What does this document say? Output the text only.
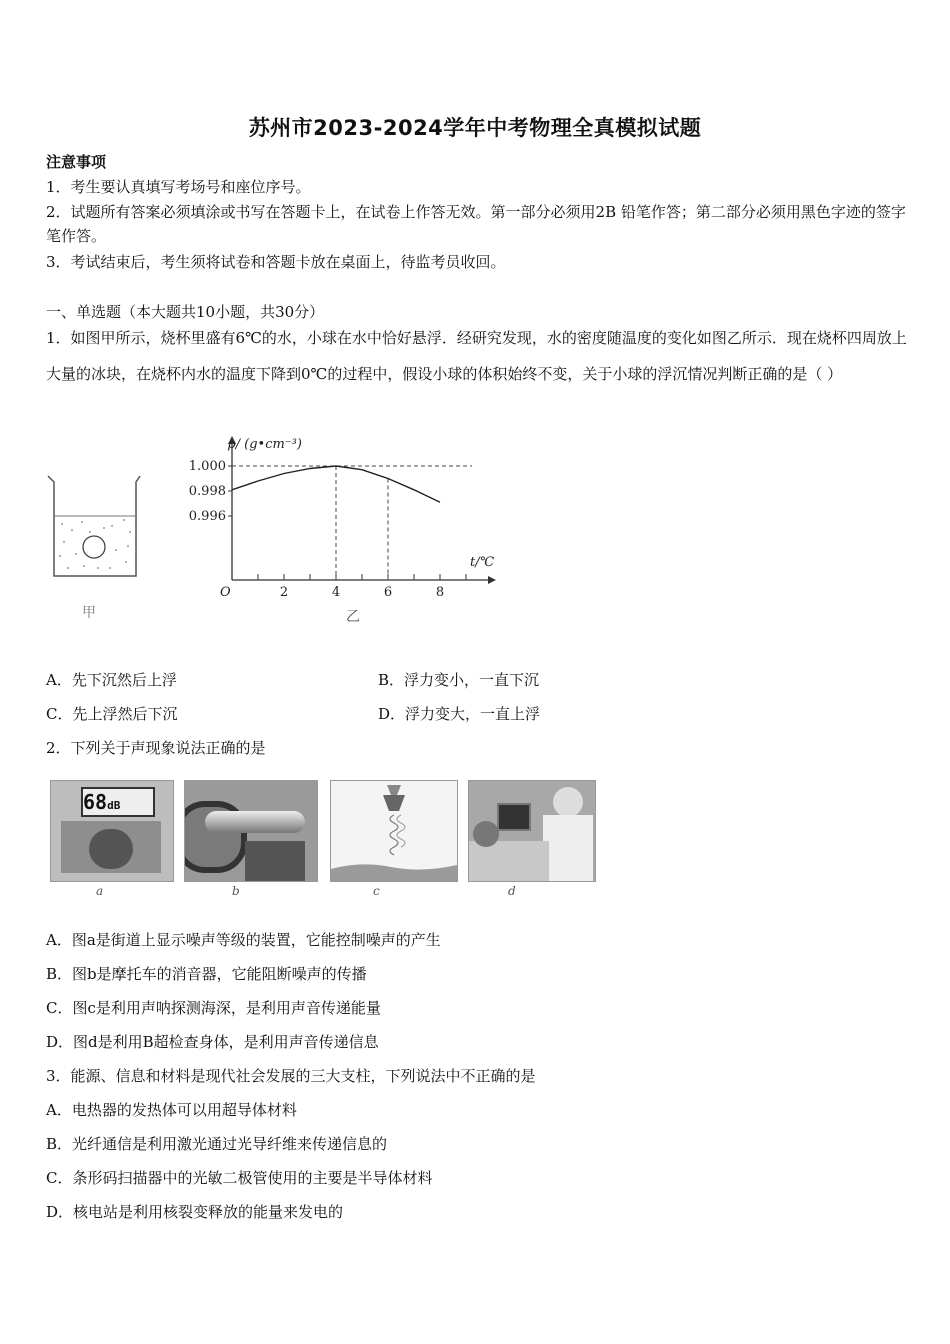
苏州市2023-2024学年中考物理全真模拟试题
注意事项
1．考生要认真填写考场号和座位序号。
2．试题所有答案必须填涂或书写在答题卡上，在试卷上作答无效。第一部分必须用2B 铅笔作答；第二部分必须用黑色字迹的签字笔作答。
3．考试结束后，考生须将试卷和答题卡放在桌面上，待监考员收回。
一、单选题（本大题共10小题，共30分）
1．如图甲所示，烧杯里盛有6℃的水，小球在水中恰好悬浮．经研究发现，水的密度随温度的变化如图乙所示．现在烧杯四周放上大量的冰块，在烧杯内水的温度下降到0℃的过程中，假设小球的体积始终不变，关于小球的浮沉情况判断正确的是（ ）
甲
2	4	6	8
1.000
0.998
0.996
ρ/ (g•cm⁻³)
t/℃
O
乙
A．先下沉然后上浮	B．浮力变小，一直下沉
C．先上浮然后下沉	D．浮力变大，一直上浮
2．下列关于声现象说法正确的是
68dB
a	b	c	d
A．图a是街道上显示噪声等级的装置，它能控制噪声的产生
B．图b是摩托车的消音器，它能阻断噪声的传播
C．图c是利用声呐探测海深，是利用声音传递能量
D．图d是利用B超检查身体，是利用声音传递信息
3．能源、信息和材料是现代社会发展的三大支柱，下列说法中不正确的是
A．电热器的发热体可以用超导体材料
B．光纤通信是利用激光通过光导纤维来传递信息的
C．条形码扫描器中的光敏二极管使用的主要是半导体材料
D．核电站是利用核裂变释放的能量来发电的
